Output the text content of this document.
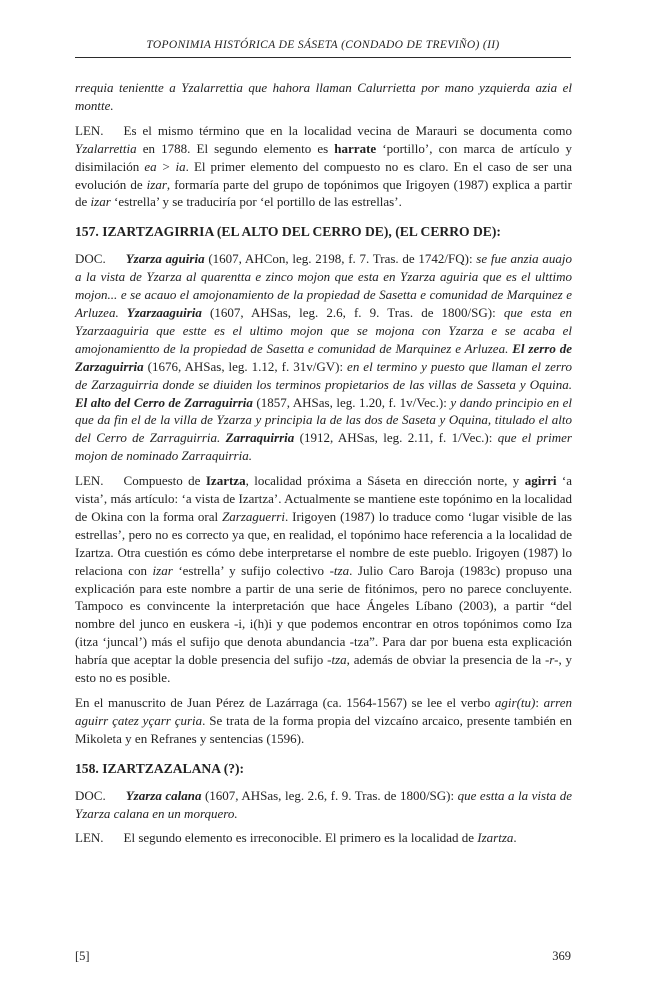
TOPONIMIA HISTÓRICA DE SÁSETA (CONDADO DE TREVIÑO) (II)

rrequia tenientte a Yzalarrettia que hahora llaman Calurrietta por mano yzquierda azia el montte.

LEN. Es el mismo término que en la localidad vecina de Marauri se documenta como Yzalarrettia en 1788. El segundo elemento es harrate ‘portillo’, con marca de artículo y disimilación ea > ia. El primer elemento del compuesto no es claro. En el caso de ser una evolución de izar, formaría parte del grupo de topónimos que Irigoyen (1987) explica a partir de izar ‘estrella’ y se traduciría por ‘el portillo de las estrellas’.

157. IZARTZAGIRRIA (EL ALTO DEL CERRO DE), (EL CERRO DE):

DOC. Yzarza aguiria (1607, AHCon, leg. 2198, f. 7. Tras. de 1742/FQ): se fue anzia auajo a la vista de Yzarza al quarentta e zinco mojon que esta en Yzarza aguiria que es el ulttimo mojon... e se acauo el amojonamiento de la propiedad de Sasetta e comunidad de Marquinez e Arluzea. Yzarzaaguiria (1607, AHSas, leg. 2.6, f. 9. Tras. de 1800/SG): que esta en Yzarzaaguiria que estte es el ultimo mojon que se mojona con Yzarza e se acaba el amojonamientto de la propiedad de Sasetta e comunidad de Marquinez e Arluzea. El zerro de Zarzaguirria (1676, AHSas, leg. 1.12, f. 31v/GV): en el termino y puesto que llaman el zerro de Zarzaguirria donde se diuiden los terminos propietarios de las villas de Sasseta y Oquina. El alto del Cerro de Zarraguirria (1857, AHSas, leg. 1.20, f. 1v/Vec.): y dando principio en el que da fin el de la villa de Yzarza y principia la de las dos de Saseta y Oquina, titulado el alto del Cerro de Zarraguirria. Zarraquirria (1912, AHSas, leg. 2.11, f. 1/Vec.): que el primer mojon de nominado Zarraquirria.

LEN. Compuesto de Izartza, localidad próxima a Sáseta en dirección norte, y agirri ‘a vista’, más artículo: ‘a vista de Izartza’. Actualmente se mantiene este topónimo en la localidad de Okina con la forma oral Zarzaguerri. Irigoyen (1987) lo traduce como ‘lugar visible de las estrellas’, pero no es correcto ya que, en realidad, el topónimo hace referencia a la localidad de Izartza. Otra cuestión es cómo debe interpretarse el nombre de este pueblo. Irigoyen (1987) lo relaciona con izar ‘estrella’ y sufijo colectivo -tza. Julio Caro Baroja (1983c) propuso una explicación para este nombre a partir de una serie de fitónimos, pero no parece concluyente. Tampoco es convincente la interpretación que hace Ángeles Líbano (2003), a partir “del nombre del junco en euskera -i, i(h)i y que podemos encontrar en otros topónimos como Iza (itza ‘juncal’) más el sufijo que denota abundancia -tza”. Para dar por buena esta explicación habría que aceptar la doble presencia del sufijo -tza, además de obviar la presencia de la -r-, y esto no es posible.

En el manuscrito de Juan Pérez de Lazárraga (ca. 1564-1567) se lee el verbo agir(tu): arren aguirr çatez yçarr çuria. Se trata de la forma propia del vizcaíno arcaico, presente también en Mikoleta y en Refranes y sentencias (1596).

158. IZARTZAZALANA (?):

DOC. Yzarza calana (1607, AHSas, leg. 2.6, f. 9. Tras. de 1800/SG): que estta a la vista de Yzarza calana en un morquero.

LEN. El segundo elemento es irreconocible. El primero es la localidad de Izartza.

[5]	369
